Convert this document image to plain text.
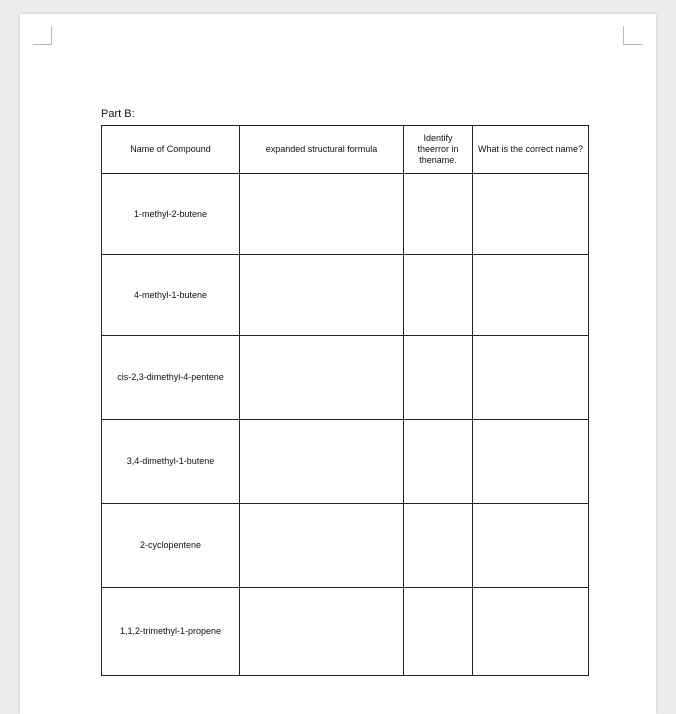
Part B:
Name of Compound	expanded structural formula	Identify theerror in thename.	What is the correct name?
1-methyl-2-butene			
4-methyl-1-butene			
cis-2,3-dimethyl-4-pentene			
3,4-dimethyl-1-butene			
2-cyclopentene			
1,1,2-trimethyl-1-propene			
